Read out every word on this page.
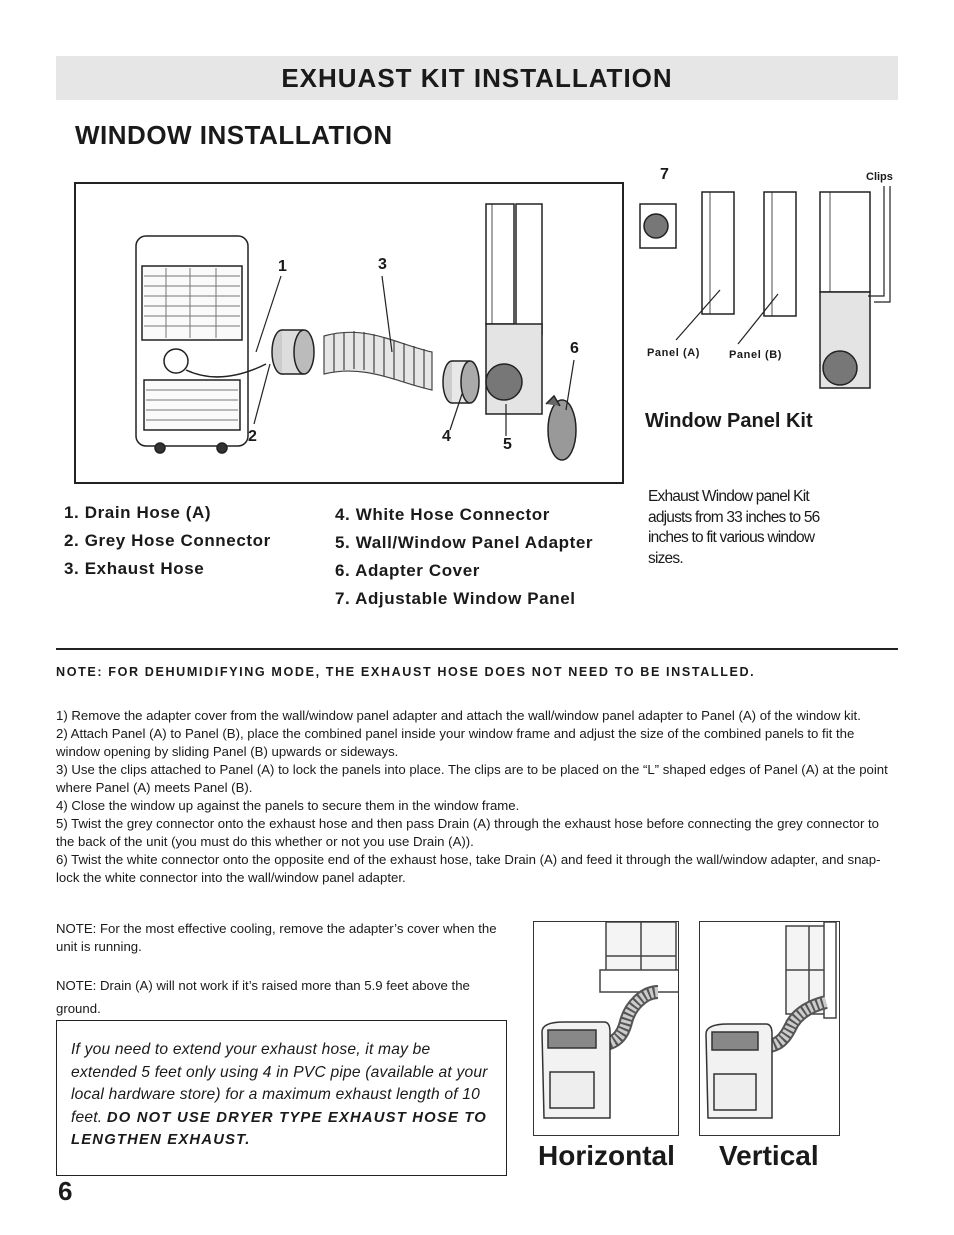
EXHUAST KIT INSTALLATION
WINDOW INSTALLATION
1
2
3
4	5
6
7	Clips
Panel (A)	Panel (B)
Window Panel Kit
Exhaust Window panel Kit adjusts from 33 inches to 56 inches to fit various window sizes.
1. Drain Hose (A)
2. Grey Hose Connector
3. Exhaust Hose
4. White Hose Connector
5. Wall/Window Panel Adapter
6. Adapter Cover
7. Adjustable Window Panel
NOTE: FOR DEHUMIDIFYING MODE, THE EXHAUST HOSE DOES NOT NEED TO BE INSTALLED.

1) Remove the adapter cover from the wall/window panel adapter and attach the wall/window panel adapter to Panel (A) of the window kit.

2) Attach Panel (A) to Panel (B), place the combined panel inside your window frame and adjust the size of the combined panels to fit the window opening by sliding Panel (B) upwards or sideways.

3) Use the clips attached to Panel (A) to lock the panels into place. The clips are to be placed on the “L” shaped edges of Panel (A) at the point where Panel (A) meets Panel (B).

4) Close the window up against the panels to secure them in the window frame.

5) Twist the grey connector onto the exhaust hose and then pass Drain (A) through the exhaust hose before connecting the grey connector to the back of the unit (you must do this whether or not you use Drain (A)).

6) Twist the white connector onto the opposite end of the exhaust hose, take Drain (A) and feed it through the wall/window adapter, and snap-lock the white connector into the wall/window panel adapter.

NOTE: For the most effective cooling, remove the adapter’s cover when the unit is running.
NOTE: Drain (A) will not work if it’s raised more than 5.9 feet above the ground.

If you need to extend your exhaust hose, it may be extended 5 feet only using 4 in PVC pipe (available at your local hardware store) for a maximum exhaust length of 10 feet. DO NOT USE DRYER TYPE EXHAUST HOSE TO LENGTHEN EXHAUST.	Horizontal Vertical
6
